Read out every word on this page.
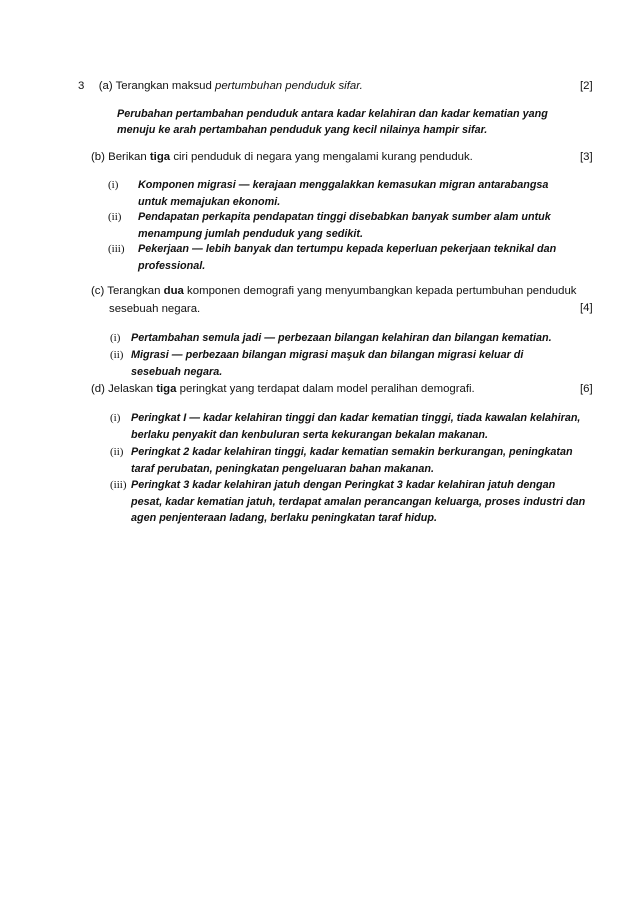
3 (a) Terangkan maksud pertumbuhan penduduk sifar.	[2]
Perubahan pertambahan penduduk antara kadar kelahiran dan kadar kematian yang menuju ke arah pertambahan penduduk yang kecil nilainya hampir sifar.
(b) Berikan tiga ciri penduduk di negara yang mengalami kurang penduduk.	[3]
(i) Komponen migrasi — kerajaan menggalakkan kemasukan migran antarabangsa untuk memajukan ekonomi.
(ii) Pendapatan perkapita pendapatan tinggi disebabkan banyak sumber alam untuk menampung jumlah penduduk yang sedikit.
(iii) Pekerjaan — lebih banyak dan tertumpu kepada keperluan pekerjaan teknikal dan professional.
(c) Terangkan dua komponen demografi yang menyumbangkan kepada pertumbuhan penduduk sesebuah negara.	[4]
(i) Pertambahan semula jadi — perbezaan bilangan kelahiran dan bilangan kematian.
(ii) Migrasi — perbezaan bilangan migrasi maşuk dan bilangan migrasi keluar di sesebuah negara.
(d) Jelaskan tiga peringkat yang terdapat dalam model peralihan demografi.	[6]
(i) Peringkat I — kadar kelahiran tinggi dan kadar kematian tinggi, tiada kawalan kelahiran, berlaku penyakit dan kenbuluran serta kekurangan bekalan makanan.
(ii) Peringkat 2 kadar kelahiran tinggi, kadar kematian semakin berkurangan, peningkatan taraf perubatan, peningkatan pengeluaran bahan makanan.
(iii) Peringkat 3 kadar kelahiran jatuh dengan Peringkat 3 kadar kelahiran jatuh dengan pesat, kadar kematian jatuh, terdapat amalan perancangan keluarga, proses industri dan agen penjenteraan ladang, berlaku peningkatan taraf hidup.
